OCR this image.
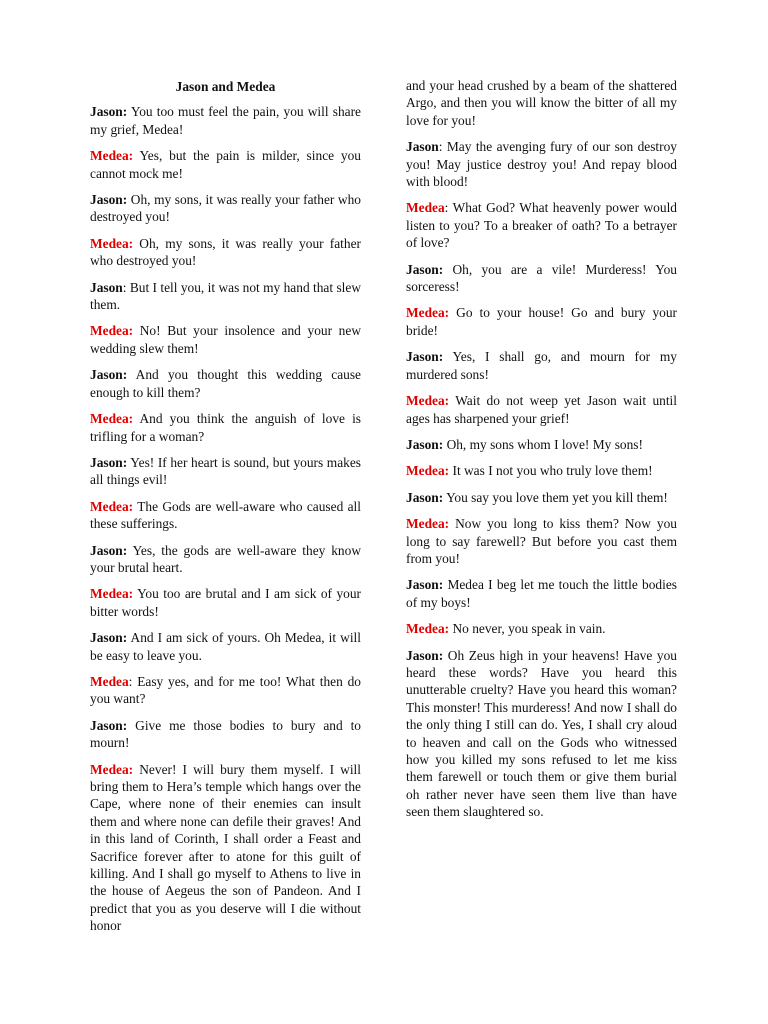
Jason and Medea

Jason: You too must feel the pain, you will share my grief, Medea!

Medea: Yes, but the pain is milder, since you cannot mock me!

Jason: Oh, my sons, it was really your father who destroyed you!

Medea: Oh, my sons, it was really your father who destroyed you!

Jason: But I tell you, it was not my hand that slew them.

Medea: No! But your insolence and your new wedding slew them!

Jason: And you thought this wedding cause enough to kill them?

Medea: And you think the anguish of love is trifling for a woman?

Jason: Yes! If her heart is sound, but yours makes all things evil!

Medea: The Gods are well-aware who caused all these sufferings.

Jason: Yes, the gods are well-aware they know your brutal heart.

Medea: You too are brutal and I am sick of your bitter words!

Jason: And I am sick of yours. Oh Medea, it will be easy to leave you.

Medea: Easy yes, and for me too! What then do you want?

Jason: Give me those bodies to bury and to mourn!

Medea: Never! I will bury them myself. I will bring them to Hera’s temple which hangs over the Cape, where none of their enemies can insult them and where none can defile their graves! And in this land of Corinth, I shall order a Feast and Sacrifice forever after to atone for this guilt of killing. And I shall go myself to Athens to live in the house of Aegeus the son of Pandeon. And I predict that you as you deserve will I die without honor

and your head crushed by a beam of the shattered Argo, and then you will know the bitter of all my love for you!

Jason: May the avenging fury of our son destroy you! May justice destroy you! And repay blood with blood!

Medea: What God? What heavenly power would listen to you? To a breaker of oath? To a betrayer of love?

Jason: Oh, you are a vile! Murderess! You sorceress!

Medea: Go to your house! Go and bury your bride!

Jason: Yes, I shall go, and mourn for my murdered sons!

Medea: Wait do not weep yet Jason wait until ages has sharpened your grief!

Jason: Oh, my sons whom I love! My sons!

Medea: It was I not you who truly love them!

Jason: You say you love them yet you kill them!

Medea: Now you long to kiss them? Now you long to say farewell? But before you cast them from you!

Jason: Medea I beg let me touch the little bodies of my boys!

Medea: No never, you speak in vain.

Jason: Oh Zeus high in your heavens! Have you heard these words? Have you heard this unutterable cruelty? Have you heard this woman? This monster! This murderess! And now I shall do the only thing I still can do. Yes, I shall cry aloud to heaven and call on the Gods who witnessed how you killed my sons refused to let me kiss them farewell or touch them or give them burial oh rather never have seen them live than have seen them slaughtered so.
